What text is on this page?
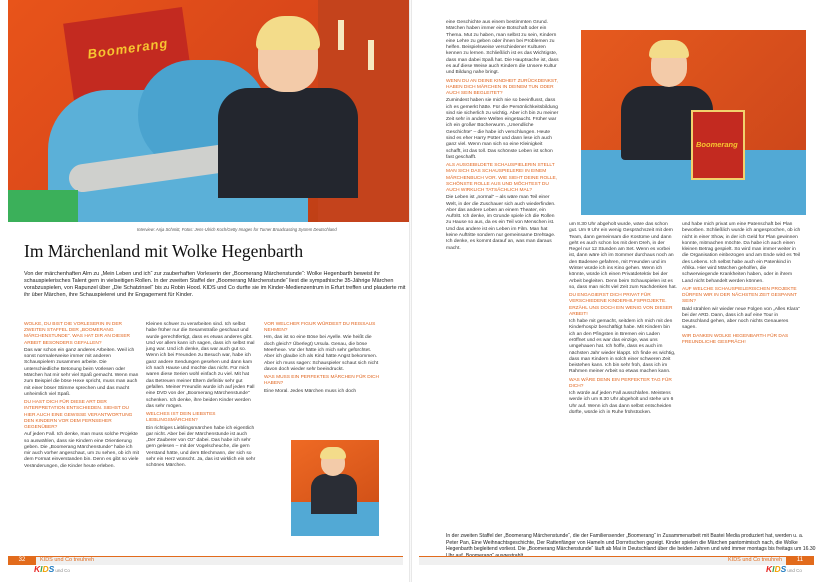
Boomerang
Interview: Anja Schmitt, Fotos: Jens-Ulrich Koch/Getty Images for Turner Broadcasting System Deutschland
Im Märchenland mit Wolke Hegenbarth
Von der märchenhaften Alm zu „Mein Leben und ich“ zur zauberhaften Vorleserin der „Boomerang Märchenstunde“: Wolke Hegenbarth beweist ihr schauspielerisches Talent gern in vielseitigen Rollen. In der zweiten Staffel der „Boomerang Märchenstunde“ liest die sympathische 35-Jährige Märchen vorabzuspielen, von Rapunzel über „Die Schatzinsel“ bis zu Robin Hood. KIDS und Co durfte sie im Kinder-Medienzentrum in Erfurt treffen und plauderte mit ihr über Märchen, ihre Schauspielerei und ihr Engagement für Kinder.
WOLKE, DU BIST DIE VORLESERIN IN DER ZWEITEN STAFFEL DER „BOOMERANG MÄRCHENSTUNDE“. WAS HAT DIR AN DIESER ARBEIT BESONDERS GEFALLEN?

Das war schon ein ganz anderes Arbeiten. Weil ich sonst normalerweise immer mit anderen Schauspielern zusammen arbeite. Die unterschiedliche Betonung beim Vorlesen oder Märchen hat mir sehr viel Spaß gemacht. Wenn man zum Beispiel die böse Hexe spricht, muss man auch mit einer böser Stimme sprechen und das macht unheimlich viel Spaß.

DU HAST DICH FÜR DIESE ART DER INTERPRETATION ENTSCHIEDEN. SIEHST DU HIER AUCH EINE GEWISSE VERANTWORTUNG DEN KINDERN VOR DEM FERNSEHER GEGENÜBER?

Auf jeden Fall. Ich denke, man muss solche Projekte so auswählen, dass sie Kindern eine Orientierung geben. Die „Boomerang Märchenstunde“ habe ich mir auch vorher angeschaut, um zu sehen, ob ich mit dem Format einverstanden bin. Denn es gibt so viele Veränderungen, die Kinder heute erleben.

Kleinen schwer zu verarbeiten sind. Ich selbst habe früher nur die Sesamstraße geschaut und wurde gerechtfertigt, dass es etwas anderes gibt. Und vor allem kann ich sagen, dass ich selbst mal jung war. Und ich denke, das war auch gut so. Wenn ich bei Freunden zu Besuch war, habe ich ganz andere Sendungen gesehen und dann kam ich nach Hause und mochte das nicht. Für mich waren diese Serien wohl einfach zu viel. Mit hat das Betreuen meiner Eltern definitiv sehr gut gefallen. Meiner Freundin wurde ich auf jeden Fall eine DVD von der „Boomerang Märchenstunde“ schenken. Ich denke, ihre beiden Kinder werden das sehr mögen.

WELCHES IST DEIN LIEBSTES LIEBLINGSMÄRCHEN?

Ein richtiges Lieblingsmärchen habe ich eigentlich gar nicht. Aber bei der Märchenstunde ist auch „Der Zauberer von Oz“ dabei. Das habe ich sehr gern gelesen – mit der Vogelscheuche, die gern Verstand hätte, und dem Blechmann, der sich so sehr ein Herz wünscht. Ja, das ist wirklich ein sehr schönes Märchen.

VOR WELCHER FIGUR WÜRDEST DU REISSAUS NEHMEN?

Hm, das ist so eine Böse bei Ayelle. Wie heißt die doch gleich? Überlegt) Ursula. Genau, die böse Meerhexe. Vor der hätte ich mich sehr gefürchtet. Aber ich glaube ich als Kind hätte Angst bekommen. Aber ich muss sagen: Schauspieler schaut sich nicht davon doch wieder sehr beeindruckt.

WAS MUSS EIN PERFEKTES MÄRCHEN FÜR DICH HABEN?

Eine Moral. Jedes Märchen muss ich doch

eine Geschichte aus einem bestimmten Grund. Märchen haben immer eine Botschaft oder ein Thema. Mut zu haben, man selbst zu sein, Kindern eine Lehre zu geben oder ihnen bei Problemen zu helfen. Beispielsweise verschiedener Kulturen kennen zu lernen. Schließlich ist es das Wichtigste, dass man dabei Spaß hat. Die Hauptsache ist, dass es auf diese Weise auch Kindern die Unsere Kultur und Bildung nahe bringt.

WENN DU AN DEINE KINDHEIT ZURÜCKDENKST, HABEN DICH MÄRCHEN IN DEINEM TUN ODER AUCH SEIN BEGLEITET?

Zumindest haben sie mich nie so beeinflusst, dass ich es gemerkt hätte. Für die Persönlichkeitsbildung sind sie sicherlich zu wichtig. Aber ich bin zu meiner Zeit sehr in andere Welten eingetaucht. Früher war ich ein großer Bücherwurm. „Unendliche Geschichte“ – die habe ich verschlungen. Heute sind es eher Harry Potter und dann lese ich auch ganz viel. Wenn man sich so eine Kleinigkeit schafft, ist das toll. Das schönste Leben ist schon fast geschafft.

ALS AUSGEBILDETE SCHAUSPIELERIN STELLT MAN SICH DAS SCHAUSPIELEREI IN EINEM MÄRCHENBUCH VOR. WIE SIEHT DEINE ROLLE, SCHÖNSTE ROLLE AUS UND MÖCHTEST DU AUCH WIRKLICH TATSÄCHLICH MAL?

Die Leben ist „normal“ – als wäre man Teil einer Welt, in der die Zuschauer sich auch wiederfinden. Aber das andere Leben an einem Theater, ein Auftritt. Ich denke, im Grunde spiele ich die Rollen zu Hause so aus, da es ein Teil von Menschen ist. Und das andere ist ein Leben im Film. Man hat keine Auftritte sondern nur gemeinsame Drehtage. Ich denke, es kommt darauf an, was man daraus macht.

Boomerang

um 8.30 Uhr abgeholt wurde, wäre das schon gut. Um 9 Uhr ein wenig Gesprächszeit mit dem Team, dann gemeinsam die Kostüme und dann geht es auch schon los mit dem Dreh, in der Regel nur 12 Stunden am Set. Wenn es vorbei ist, dann wäre ich im Sommer durchaus noch an den Badesee gefahren, mit Freunden und im Winter würde ich ins Kino gehen. Wenn ich könnte, würde ich einen Privatdetektiv bei der Arbeit begleiten. Denn beim Schauspielen ist es so, dass man nicht viel Zeit zum Nachdenken hat.

DU ENGAGIERST DICH PRIVAT FÜR VERSCHIEDENE KINDERHILFSPROJEKTE. ERZÄHL UNS DOCH EIN WENIG VON DIESER ARBEIT!

Ich habe mit gemacht, seitdem ich mich mit den Kinderhospiz beschäftigt habe. Mit Kindern bin ich an den Pfingsten in Bremen ein Laden eröffnet und es war das einzige, was uns umgehauen hat. Ich hoffe, dass es auch im nächsten Jahr wieder klappt. Ich finde es wichtig, dass man Kindern in solch einer schweren Zeit beistehen kann. Ich bin sehr froh, dass ich im Rahmen meiner Arbeit so etwas machen kann.

WAS WÄRE DENN EIN PERFEKTER TAG FÜR DICH?

Ich würde auf jeden Fall ausschlafen. Meistens werde ich um 8.30 Uhr abgeholt und stehe um 6 Uhr auf. Wenn ich das dann selbst entscheiden dürfte, würde ich in Ruhe frühstücken.

und habe mich privat um eine Patenschaft bei Plan beworben. Schließlich wurde ich angesprochen, ob ich nicht in einer Show, in der ich Geld für Plan gewinnen konnte, mitmachen möchte. Da habe ich auch einen kleinen Betrag gespielt. So wird man immer weiter in die Organisation einbezogen und am Ende wird es Teil des Lebens. Ich selbst habe auch ein Patenkind in Afrika. Hier wird Märchen geholfen, die schwerwiegende Krankheiten haben, oder in ihrem Land nicht behandelt werden können.

AUF WELCHE SCHAUSPIELERISCHEN PROJEKTE DÜRFEN WIR IN DER NÄCHSTEN ZEIT GESPANNT SEIN?

Bald strahlen wir wieder neue Folgen von „Alles Klara“ bei der ARD. Dann, dass ich auf eine Tour in Deutschland gehen, aber noch nichts Genaueres sagen.

WIR DANKEN WOLKE HEGENBARTH FÜR DAS FREUNDLICHE GESPRÄCH!
In der zweiten Staffel der „Boomerang Märchenstunde“, die der Familiensender „Boomerang“ in Zusammenarbeit mit Bastei Media produziert hat, werden u. a. Peter Pan, Eine Weihnachtsgeschichte, Der Rattenfänger von Hameln und Dornröschen gezeigt. Kinder spielen die Märchen pantomimisch nach, die Wolke Hegenbarth begleitend vorliest. Die „Boomerang Märchenstunde“ läuft ab Mai in Deutschland über die beiden Jahren und wird immer montags bis freitags um 16.30
32	11
KIDS und Co treuhreh	KIDS und Co treuhreh
KIDSund Co	KIDSund Co
